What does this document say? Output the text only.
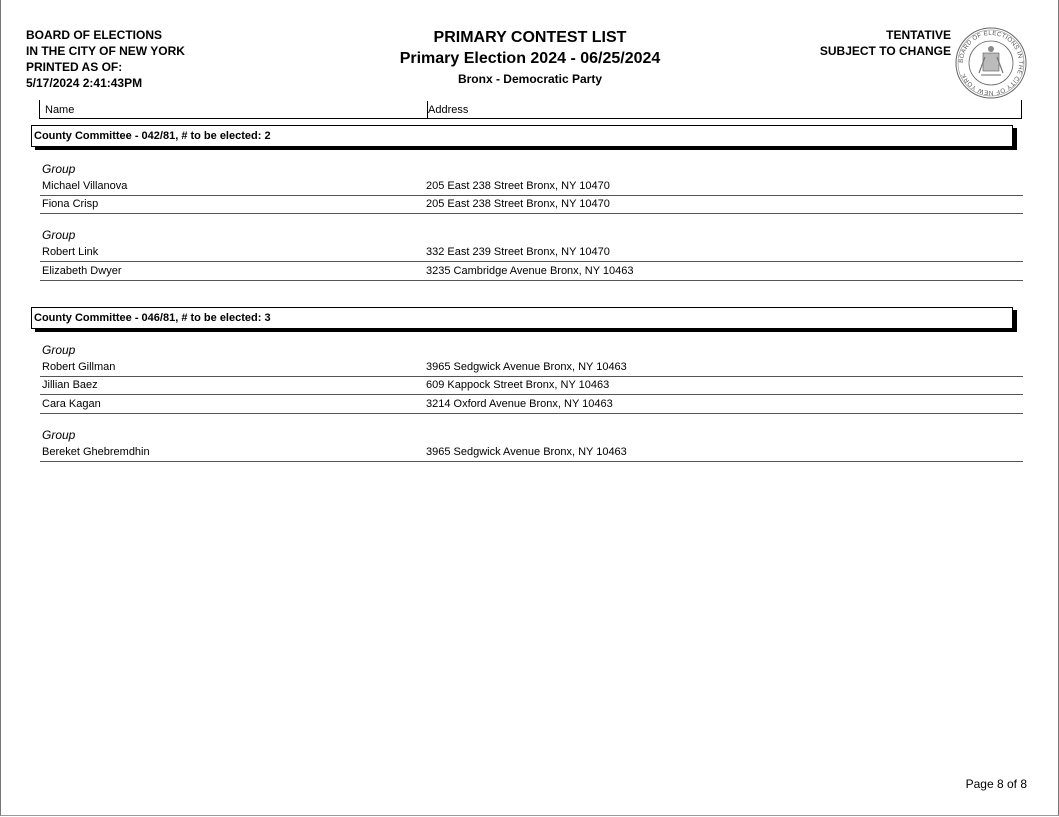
BOARD OF ELECTIONS
IN THE CITY OF NEW YORK
PRINTED AS OF:
5/17/2024 2:41:43PM
PRIMARY CONTEST LIST
Primary Election 2024 - 06/25/2024
Bronx - Democratic Party
TENTATIVE
SUBJECT TO CHANGE
BOARD OF ELECTIONS IN THE CITY OF NEW YORK
Name	Address
County Committee - 042/81, # to be elected: 2
Group
Michael Villanova	205 East 238 Street Bronx, NY 10470
Fiona Crisp	205 East 238 Street Bronx, NY 10470
Group
Robert Link	332 East 239 Street Bronx, NY 10470
Elizabeth Dwyer	3235 Cambridge Avenue Bronx, NY 10463
County Committee - 046/81, # to be elected: 3
Group
Robert Gillman	3965 Sedgwick Avenue Bronx, NY 10463
Jillian Baez	609 Kappock Street Bronx, NY 10463
Cara Kagan	3214 Oxford Avenue Bronx, NY 10463
Group
Bereket Ghebremdhin	3965 Sedgwick Avenue Bronx, NY 10463
Page 8 of 8
